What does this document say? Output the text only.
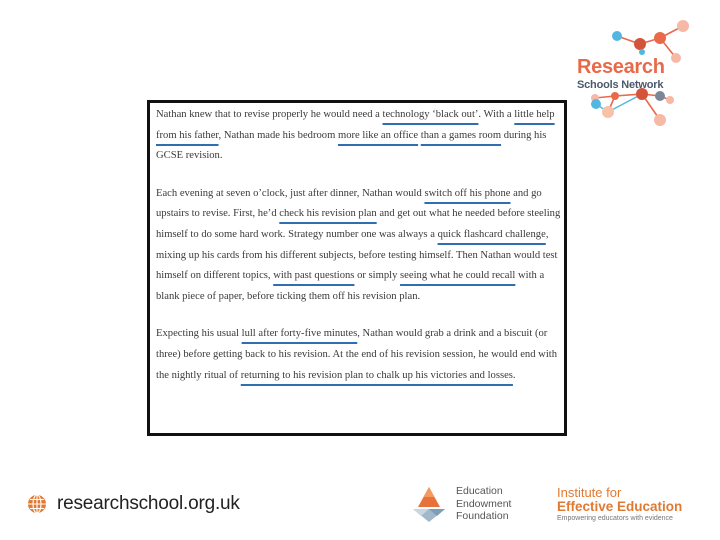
Research

Schools Network

Nathan knew that to revise properly he would need a technology ‘black out’. With a little help from his father, Nathan made his bedroom more like an office than a games room during his GCSE revision.

Each evening at seven o’clock, just after dinner, Nathan would switch off his phone and go upstairs to revise. First, he’d check his revision plan and get out what he needed before steeling himself to do some hard work. Strategy number one was always a quick flashcard challenge, mixing up his cards from his different subjects, before testing himself. Then Nathan would test himself on different topics, with past questions or simply seeing what he could recall with a blank piece of paper, before ticking them off his revision plan.

Expecting his usual lull after forty-five minutes, Nathan would grab a drink and a biscuit (or three) before getting back to his revision. At the end of his revision session, he would end with the nightly ritual of returning to his revision plan to chalk up his victories and losses.

researchschool.org.uk
Education
Endowment
Foundation
Institute for
Effective Education
Empowering educators with evidence
